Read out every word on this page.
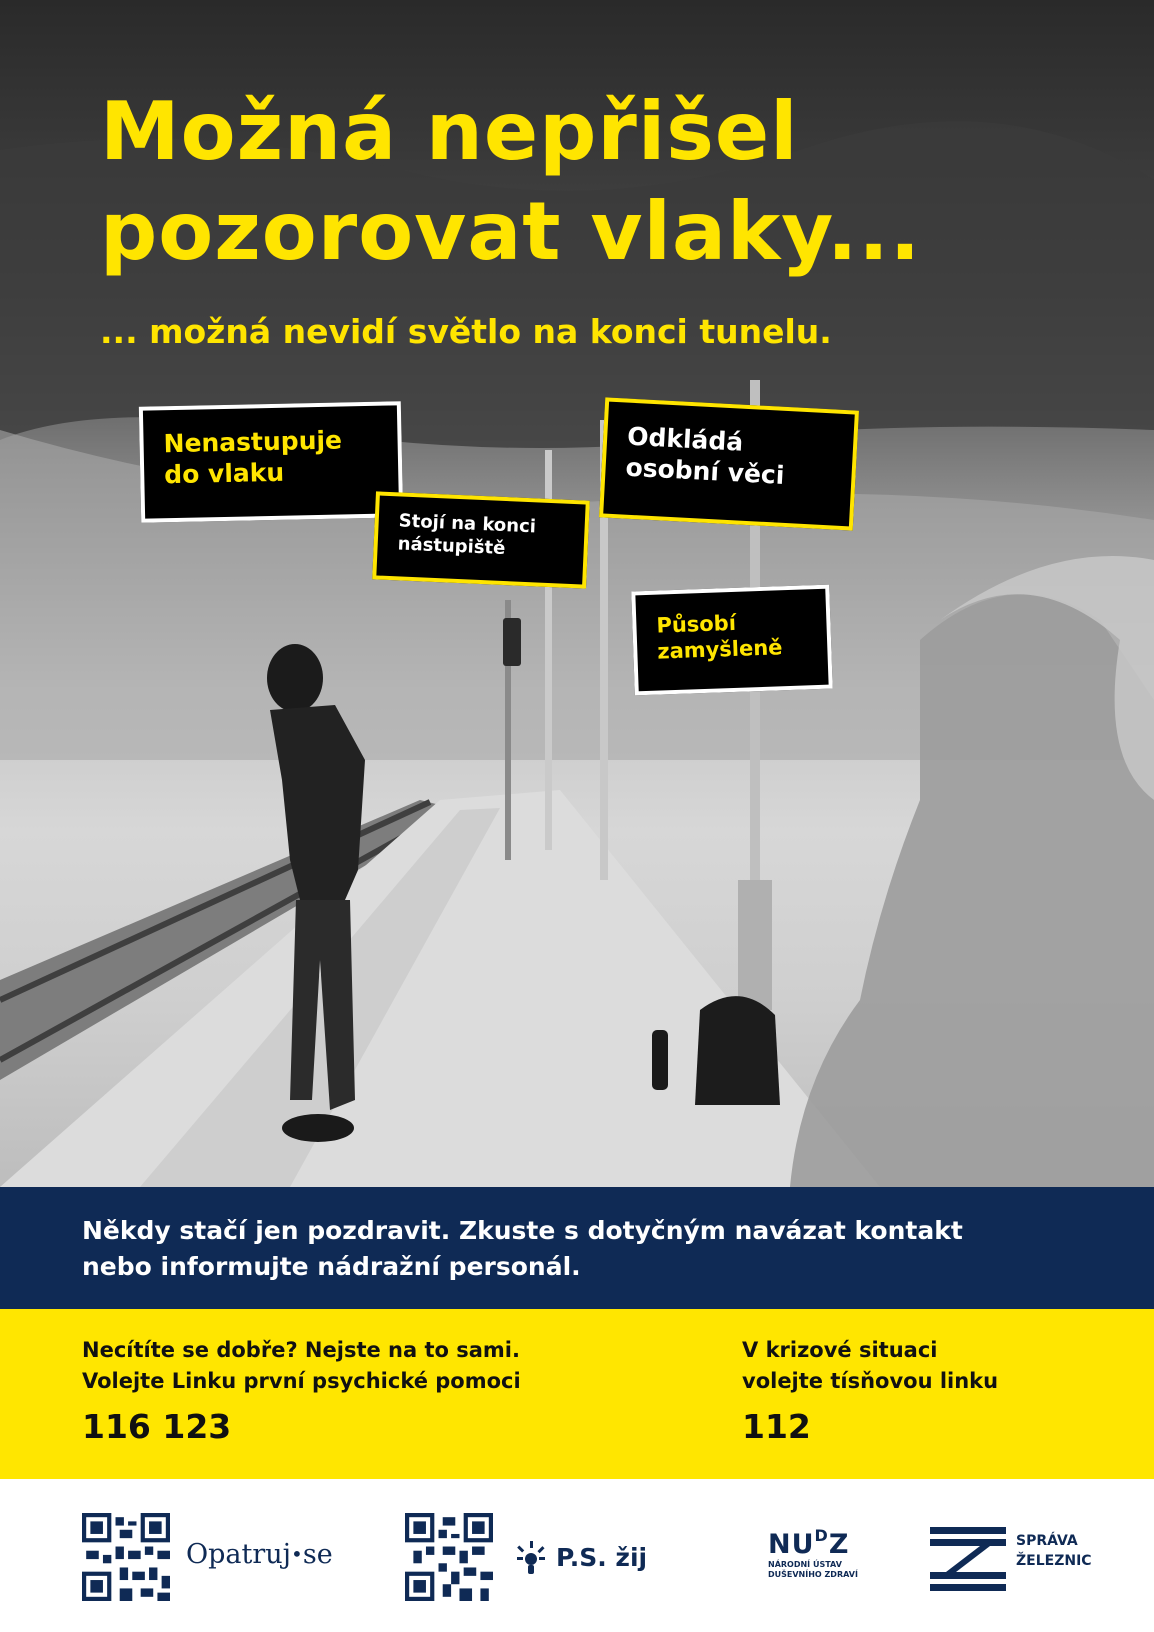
Možná nepřišel
pozorovat vlaky...

... možná nevidí světlo na konci tunelu.

Nenastupuje
do vlaku
Stojí na konci
nástupiště
Odkládá
osobní věci
Působí
zamyšleně
Někdy stačí jen pozdravit. Zkuste s dotyčným navázat kontakt
nebo informujte nádražní personál.
Necítíte se dobře? Nejste na to sami.
Volejte Linku první psychické pomoci
116 123
V krizové situaci
volejte tísňovou linku
112
Opatruj•se	P.S. žij	$NU^DZ$
NÁRODNÍ ÚSTAV
DUŠEVNÍHO ZDRAVÍ
SPRÁVA
ŽELEZNIC
